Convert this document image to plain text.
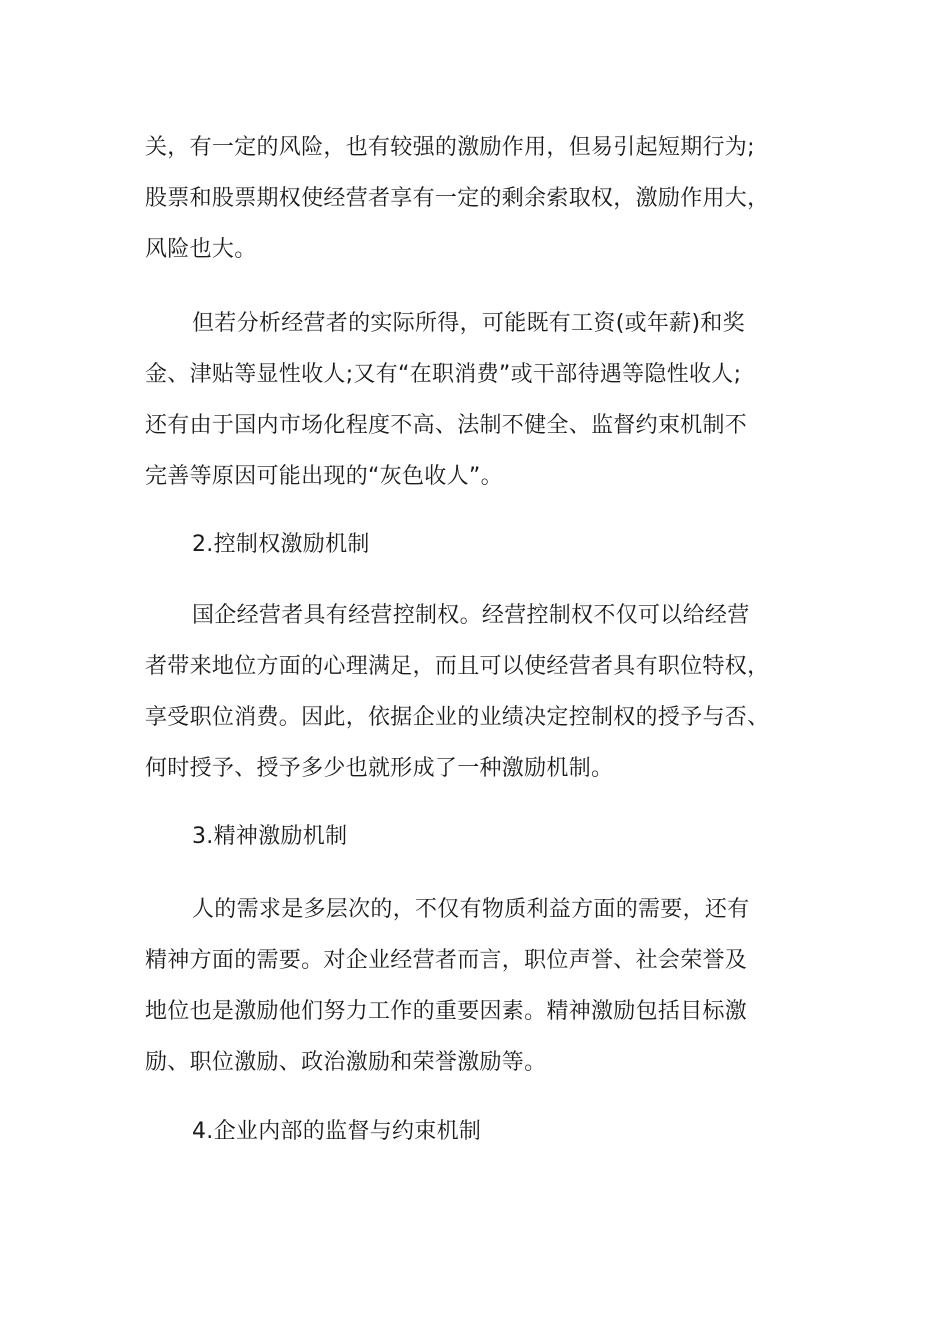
关，有一定的风险，也有较强的激励作用，但易引起短期行为;
股票和股票期权使经营者享有一定的剩余索取权，激励作用大，
风险也大。
但若分析经营者的实际所得，可能既有工资(或年薪)和奖
金、津贴等显性收人;又有“在职消费”或干部待遇等隐性收人;
还有由于国内市场化程度不高、法制不健全、监督约束机制不
完善等原因可能出现的“灰色收人”。
2.控制权激励机制
国企经营者具有经营控制权。经营控制权不仅可以给经营
者带来地位方面的心理满足，而且可以使经营者具有职位特权，
享受职位消费。因此，依据企业的业绩决定控制权的授予与否、
何时授予、授予多少也就形成了一种激励机制。
3.精神激励机制
人的需求是多层次的，不仅有物质利益方面的需要，还有
精神方面的需要。对企业经营者而言，职位声誉、社会荣誉及
地位也是激励他们努力工作的重要因素。精神激励包括目标激
励、职位激励、政治激励和荣誉激励等。
4.企业内部的监督与约束机制
